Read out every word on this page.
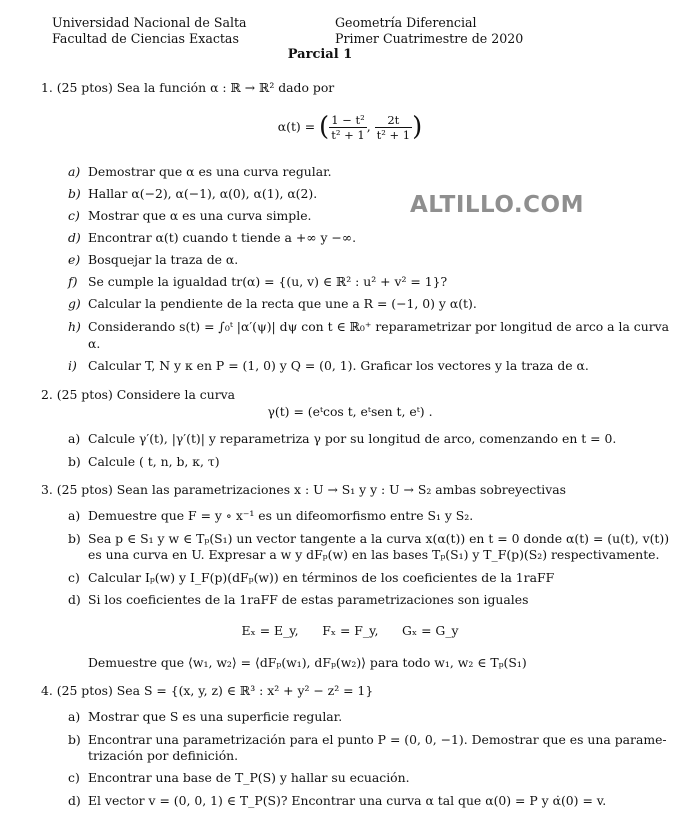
Universidad Nacional de Salta
Facultad de Ciencias Exactas
Geometría Diferencial
Primer Cuatrimestre de 2020
Parcial 1
ALTILLO.COM
1. (25 ptos) Sea la función α : ℝ → ℝ² dado por
α(t) = ( $\frac{\text{1 − t²}}{\text{t² + 1}}$ , $\frac{2t}{\text{t² + 1}}$ )
a) Demostrar que α es una curva regular.
b) Hallar α(−2), α(−1), α(0), α(1), α(2).
c) Mostrar que α es una curva simple.
d) Encontrar α(t) cuando t tiende a +∞ y −∞.
e) Bosquejar la traza de α.
f) Se cumple la igualdad tr(α) = {(u, v) ∈ ℝ² : u² + v² = 1}?
g) Calcular la pendiente de la recta que une a R = (−1, 0) y α(t).
h) Considerando s(t) = ∫₀ᵗ |α′(ψ)| dψ con t ∈ ℝ₀⁺ reparametrizar por longitud de arco a la curva
α.
i) Calcular T, N y κ en P = (1, 0) y Q = (0, 1). Graficar los vectores y la traza de α.
2. (25 ptos) Considere la curva
γ(t) = (eᵗcos t, eᵗsen t, eᵗ) .
a) Calcule γ′(t), |γ′(t)| y reparametriza γ por su longitud de arco, comenzando en t = 0.
b) Calcule ( t, n, b, κ, τ)
3. (25 ptos) Sean las parametrizaciones x : U → S₁ y y : U → S₂ ambas sobreyectivas
a) Demuestre que F = y ∘ x⁻¹ es un difeomorfismo entre S₁ y S₂.
b) Sea p ∈ S₁ y w ∈ Tₚ(S₁) un vector tangente a la curva x(α(t)) en t = 0 donde α(t) = (u(t), v(t))
es una curva en U. Expresar a w y dFₚ(w) en las bases Tₚ(S₁) y T_F(p)(S₂) respectivamente.
c) Calcular Iₚ(w) y I_F(p)(dFₚ(w)) en términos de los coeficientes de la 1raFF
d) Si los coeficientes de la 1raFF de estas parametrizaciones son iguales
Eₓ = E_y,      Fₓ = F_y,      Gₓ = G_y
Demuestre que ⟨w₁, w₂⟩ = ⟨dFₚ(w₁), dFₚ(w₂)⟩ para todo w₁, w₂ ∈ Tₚ(S₁)
4. (25 ptos) Sea S = {(x, y, z) ∈ ℝ³ : x² + y² − z² = 1}
a) Mostrar que S es una superficie regular.
b) Encontrar una parametrización para el punto P = (0, 0, −1). Demostrar que es una parame-
trización por definición.
c) Encontrar una base de T_P(S) y hallar su ecuación.
d) El vector v = (0, 0, 1) ∈ T_P(S)? Encontrar una curva α tal que α(0) = P y α̇(0) = v.
